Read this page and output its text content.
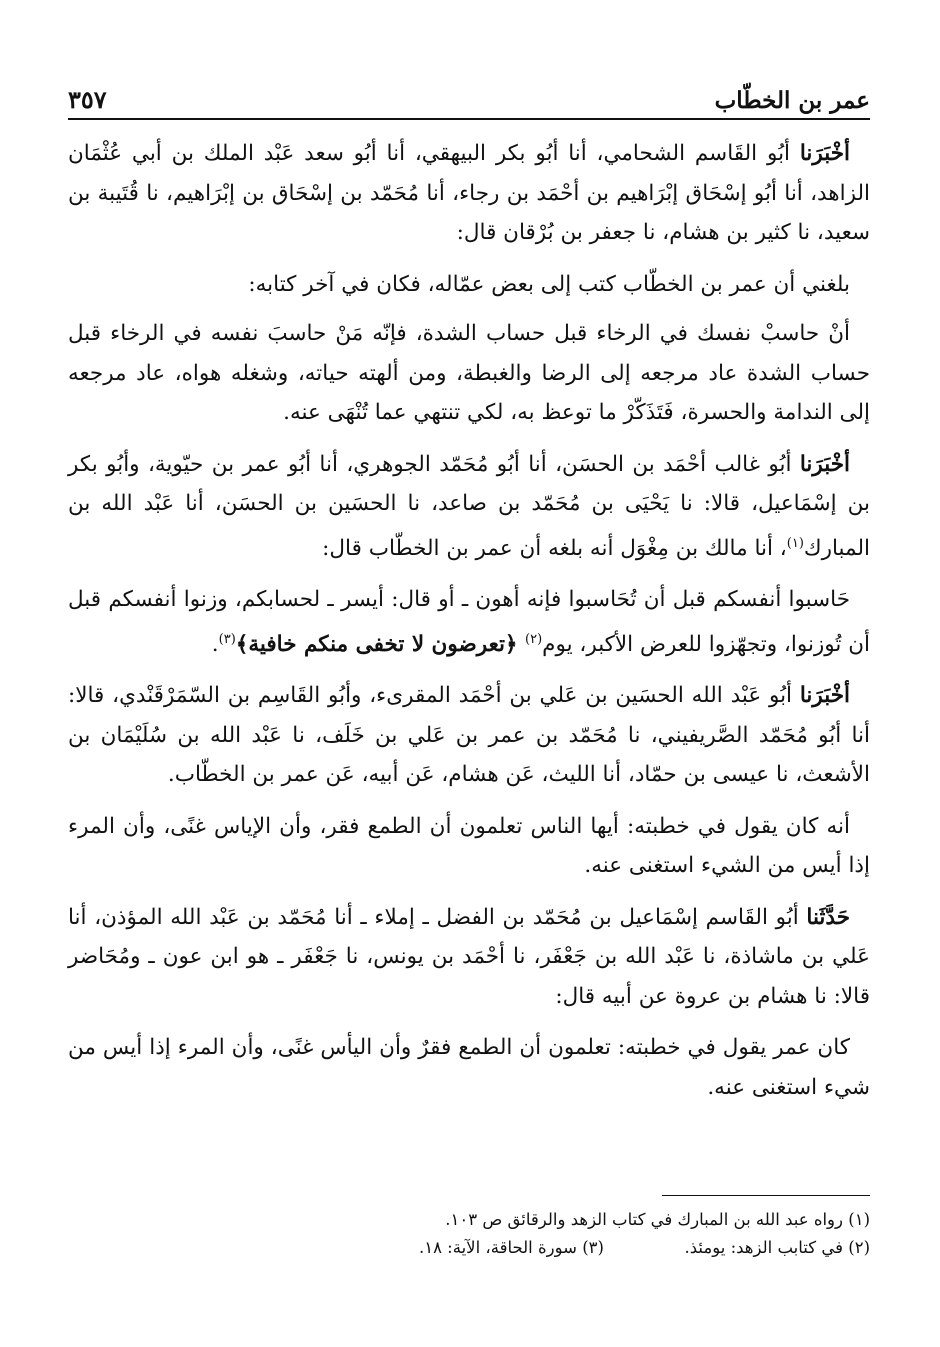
عمر بن الخطّاب
٣٥٧

أخْبَرَنا أبُو القَاسم الشحامي، أنا أبُو بكر البيهقي، أنا أبُو سعد عَبْد الملك بن أبي عُثْمَان الزاهد، أنا أبُو إسْحَاق إبْرَاهيم بن أحْمَد بن رجاء، أنا مُحَمّد بن إسْحَاق بن إبْرَاهيم، نا قُتَيبة بن سعيد، نا كثير بن هشام، نا جعفر بن بُرْقان قال:

بلغني أن عمر بن الخطّاب كتب إلى بعض عمّاله، فكان في آخر كتابه:

أنْ حاسبْ نفسك في الرخاء قبل حساب الشدة، فإنّه مَنْ حاسبَ نفسه في الرخاء قبل حساب الشدة عاد مرجعه إلى الرضا والغبطة، ومن ألهته حياته، وشغله هواه، عاد مرجعه إلى الندامة والحسرة، فَتَذَكّرْ ما توعظ به، لكي تنتهي عما تُنْهَى عنه.

أخْبَرَنا أبُو غالب أحْمَد بن الحسَن، أنا أبُو مُحَمّد الجوهري، أنا أبُو عمر بن حيّوية، وأبُو بكر بن إسْمَاعيل، قالا: نا يَحْيَى بن مُحَمّد بن صاعد، نا الحسَين بن الحسَن، أنا عَبْد الله بن المبارك$^{(١)}$، أنا مالك بن مِغْوَل أنه بلغه أن عمر بن الخطّاب قال:

حَاسبوا أنفسكم قبل أن تُحَاسبوا فإنه أهون ـ أو قال: أيسر ـ لحسابكم، وزنوا أنفسكم قبل أن تُوزنوا، وتجهّزوا للعرض الأكبر، يوم$^{(٢)}$ ﴿تعرضون لا تخفى منكم خافية﴾$^{(٣)}$.

أخْبَرَنا أبُو عَبْد الله الحسَين بن عَلي بن أحْمَد المقرىء، وأبُو القَاسِم بن السّمَرْقَنْدي، قالا: أنا أبُو مُحَمّد الصَّريفيني، نا مُحَمّد بن عمر بن عَلي بن خَلَف، نا عَبْد الله بن سُلَيْمَان بن الأشعث، نا عيسى بن حمّاد، أنا الليث، عَن هشام، عَن أبيه، عَن عمر بن الخطّاب.

أنه كان يقول في خطبته: أيها الناس تعلمون أن الطمع فقر، وأن الإياس غنًى، وأن المرء إذا أيس من الشيء استغنى عنه.

حَدَّثَنا أبُو القَاسم إسْمَاعيل بن مُحَمّد بن الفضل ـ إملاء ـ أنا مُحَمّد بن عَبْد الله المؤذن، أنا عَلي بن ماشاذة، نا عَبْد الله بن جَعْفَر، نا أحْمَد بن يونس، نا جَعْفَر ـ هو ابن عون ـ ومُحَاضر قالا: نا هشام بن عروة عن أبيه قال:

كان عمر يقول في خطبته: تعلمون أن الطمع فقرٌ وأن اليأس غنًى، وأن المرء إذا أيس من شيء استغنى عنه.

(١) رواه عبد الله بن المبارك في كتاب الزهد والرقائق ص ١٠٣.
(٢) في كتابب الزهد: يومئذ.  (٣) سورة الحاقة، الآية: ١٨.
